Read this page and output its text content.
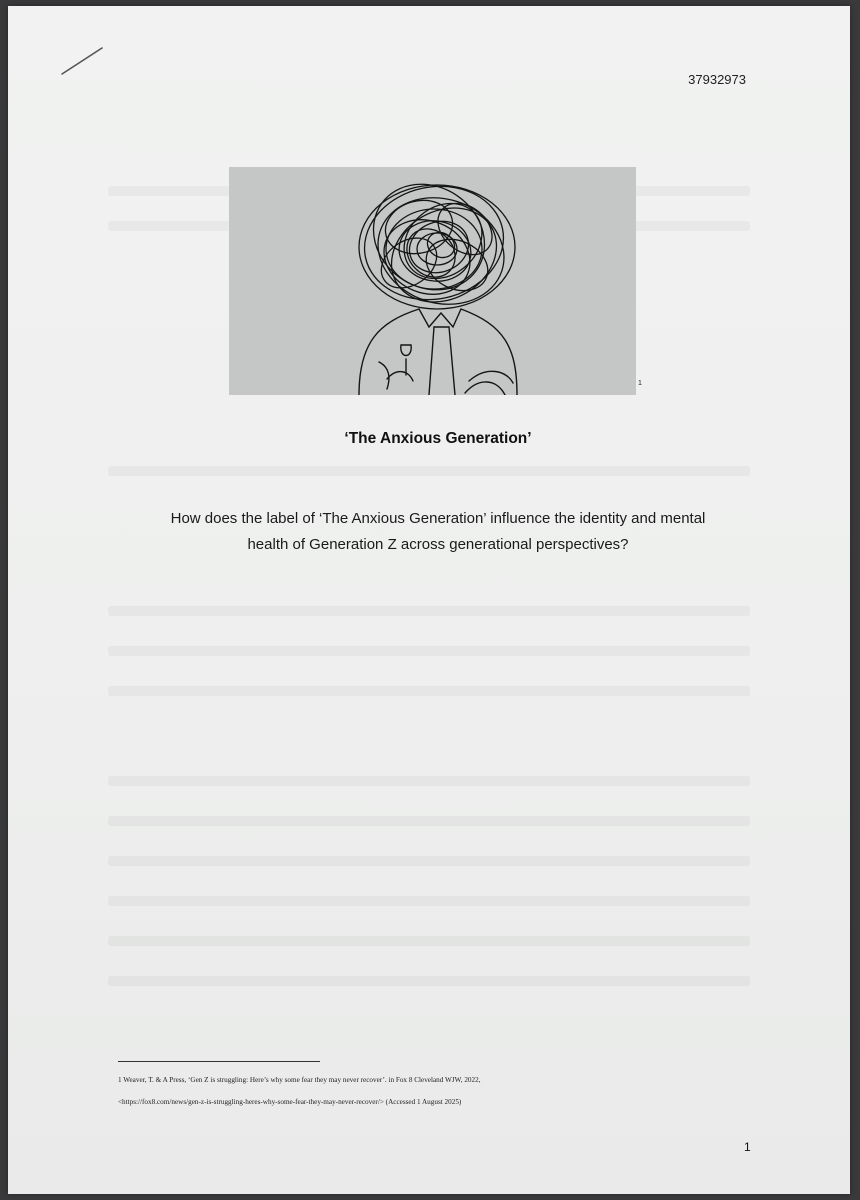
37932973
1
‘The Anxious Generation’
How does the label of ‘The Anxious Generation’ influence the identity and mental
health of Generation Z across generational perspectives?
1 Weaver, T. & A Press, ‘Gen Z is struggling: Here’s why some fear they may never recover’. in Fox 8 Cleveland WJW, 2022,
<https://fox8.com/news/gen-z-is-struggling-heres-why-some-fear-they-may-never-recover/> (Accessed 1 August 2025)
1
